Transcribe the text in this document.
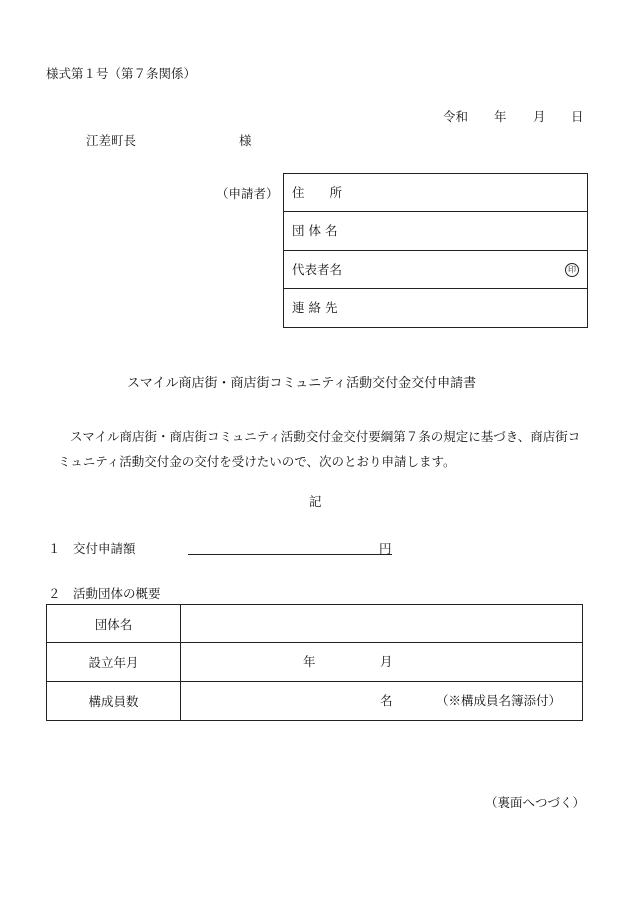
様式第１号（第７条関係）
令和 年 月 日
江差町長	様
（申請者） 住　　所
団 体 名
代表者名	印
連 絡 先
スマイル商店街・商店街コミュニティ活動交付金交付申請書
スマイル商店街・商店街コミュニティ活動交付金交付要綱第７条の規定に基づき、商店街コミュニティ活動交付金の交付を受けたいので、次のとおり申請します。
記
１ 交付申請額	円
２ 活動団体の概要
団体名
設立年月	年	月
構成員数	名	（※構成員名簿添付）
（裏面へつづく）
